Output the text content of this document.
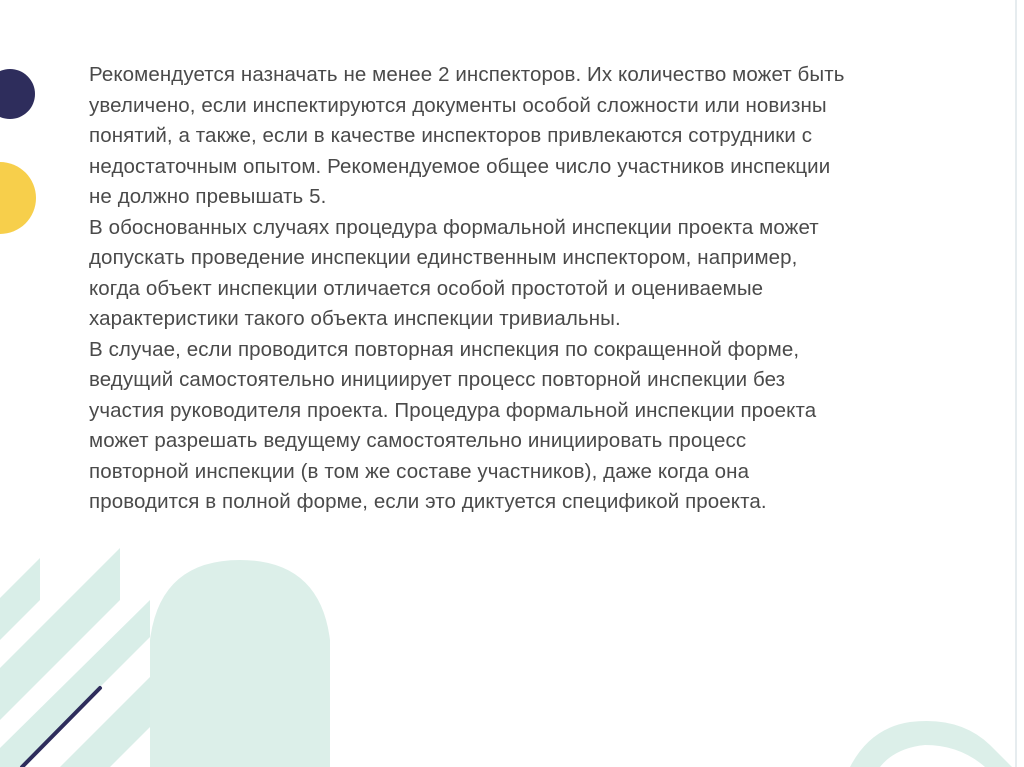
Рекомендуется назначать не менее 2 инспекторов. Их количество может быть увеличено, если инспектируются документы особой сложности или новизны понятий, а также, если в качестве инспекторов привлекаются сотрудники с недостаточным опытом. Рекомендуемое общее число участников инспекции не должно превышать 5.

В обоснованных случаях процедура формальной инспекции проекта может допускать проведение инспекции единственным инспектором, например, когда объект инспекции отличается особой простотой и оцениваемые характеристики такого объекта инспекции тривиальны.

В случае, если проводится повторная инспекция по сокращенной форме, ведущий самостоятельно инициирует процесс повторной инспекции без участия руководителя проекта. Процедура формальной инспекции проекта может разрешать ведущему самостоятельно инициировать процесс повторной инспекции (в том же составе участников), даже когда она проводится в полной форме, если это диктуется спецификой проекта.
